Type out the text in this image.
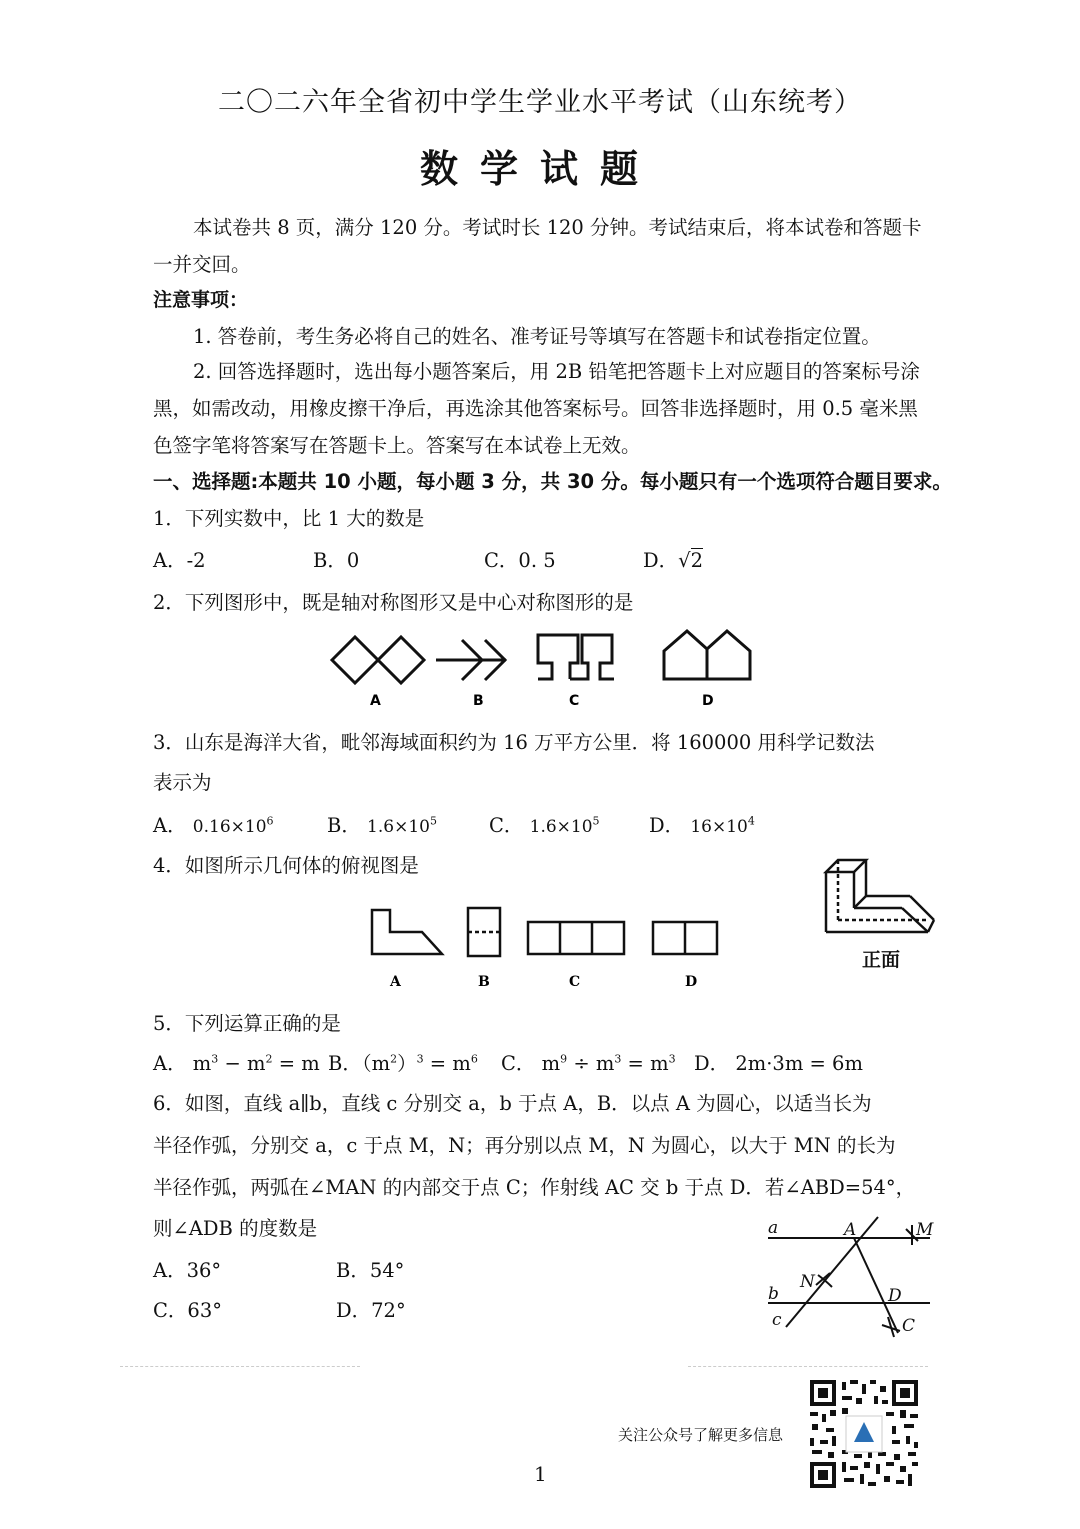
二〇二六年全省初中学生学业水平考试（山东统考）
数学试题
本试卷共 8 页，满分 120 分。考试时长 120 分钟。考试结束后，将本试卷和答题卡一并交回。
注意事项：
1. 答卷前，考生务必将自己的姓名、准考证号等填写在答题卡和试卷指定位置。
2. 回答选择题时，选出每小题答案后，用 2B 铅笔把答题卡上对应题目的答案标号涂黑，如需改动，用橡皮擦干净后，再选涂其他答案标号。回答非选择题时，用 0.5 毫米黑色签字笔将答案写在答题卡上。答案写在本试卷上无效。
一、选择题:本题共 10 小题，每小题 3 分，共 30 分。每小题只有一个选项符合题目要求。
1．下列实数中，比 1 大的数是
A．-2	B．0	C．0. 5	D．√2
2．下列图形中，既是轴对称图形又是中心对称图形的是
A	B	C	D
3．山东是海洋大省，毗邻海域面积约为 16 万平方公里．将 160000 用科学记数法
表示为
A． $0.16\times 10^6$	B． $1.6\times 10^5$	C． $1.6\times 10^5$	D． $16\times 10^4$
4．如图所示几何体的俯视图是
A	B	C	D
正面
5．下列运算正确的是
A． $m^3 - m^2 = m$ B．$(m^2)^3 = m^6$ C． $m^9 \div m^3 = m^3$ D． 2m·3m = 6m
6．如图，直线 a∥b，直线 c 分别交 a，b 于点 A，B．以点 A 为圆心，以适当长为
半径作弧，分别交 a，c 于点 M，N；再分别以点 M，N 为圆心，以大于 MN 的长为
半径作弧，两弧在∠MAN 的内部交于点 C；作射线 AC 交 b 于点 D．若∠ABD=54°，
则∠ADB 的度数是
A．36°	B．54°
C．63°	D．72°
a	A	M
N
b	D
c	C
关注公众号了解更多信息
1
